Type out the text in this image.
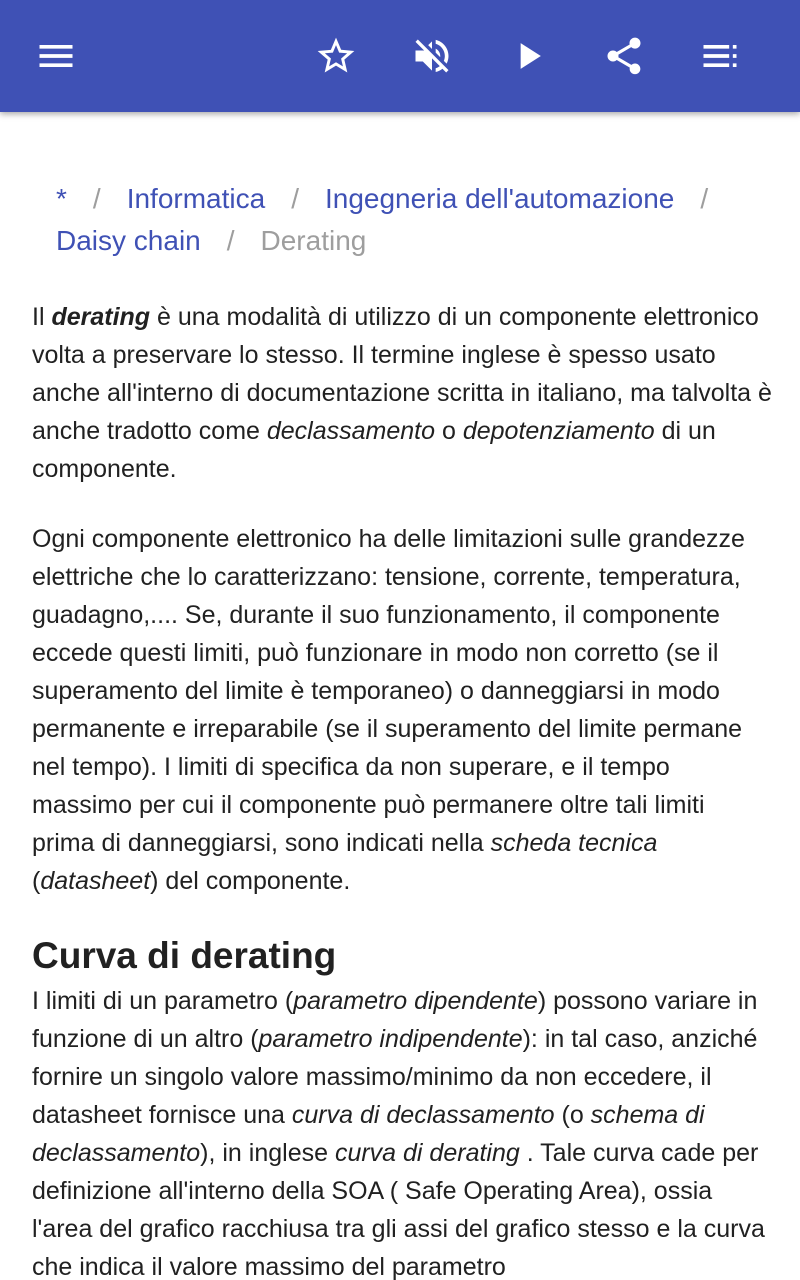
* / Informatica / Ingegneria dell'automazione /Daisy chain / Derating

Il derating è una modalità di utilizzo di un componente elettronico volta a preservare lo stesso. Il termine inglese è spesso usato anche all'interno di documentazione scritta in italiano, ma talvolta è anche tradotto come declassamento o depotenziamento di un componente.

Ogni componente elettronico ha delle limitazioni sulle grandezze elettriche che lo caratterizzano: tensione, corrente, temperatura, guadagno,.... Se, durante il suo funzionamento, il componente eccede questi limiti, può funzionare in modo non corretto (se il superamento del limite è temporaneo) o danneggiarsi in modo permanente e irreparabile (se il superamento del limite permane nel tempo). I limiti di specifica da non superare, e il tempo massimo per cui il componente può permanere oltre tali limiti prima di danneggiarsi, sono indicati nella scheda tecnica (datasheet) del componente.

Curva di derating

I limiti di un parametro (parametro dipendente) possono variare in funzione di un altro (parametro indipendente): in tal caso, anziché fornire un singolo valore massimo/minimo da non eccedere, il datasheet fornisce una curva di declassamento (o schema di declassamento), in inglese curva di derating . Tale curva cade per definizione all'interno della SOA ( Safe Operating Area), ossia l'area del grafico racchiusa tra gli assi del grafico stesso e la curva che indica il valore massimo del parametro
